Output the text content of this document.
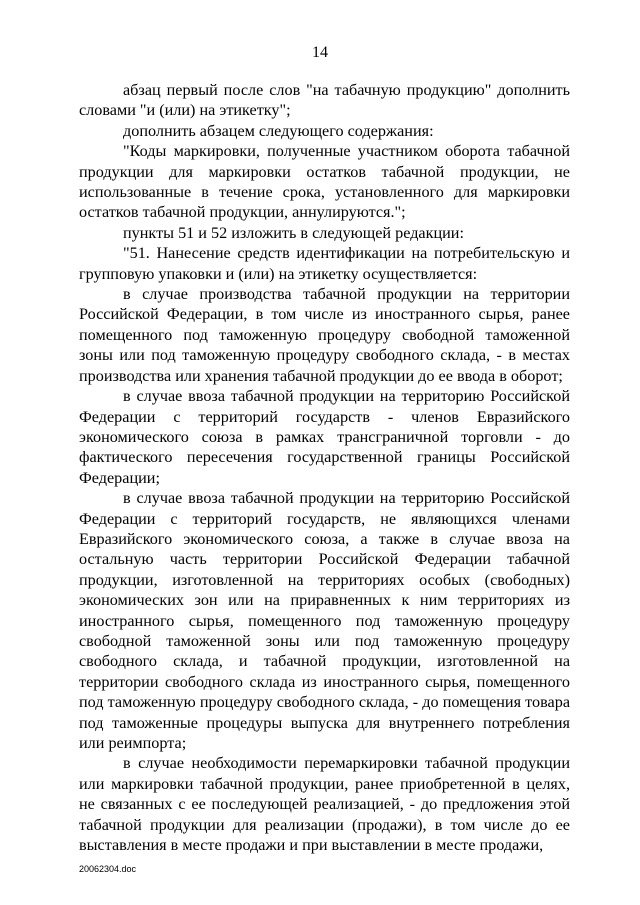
14

абзац первый после слов "на табачную продукцию" дополнить словами "и (или) на этикетку";

дополнить абзацем следующего содержания:

"Коды маркировки, полученные участником оборота табачной продукции для маркировки остатков табачной продукции, не использованные в течение срока, установленного для маркировки остатков табачной продукции, аннулируются.";

пункты 51 и 52 изложить в следующей редакции:

"51. Нанесение средств идентификации на потребительскую и групповую упаковки и (или) на этикетку осуществляется:

в случае производства табачной продукции на территории Российской Федерации, в том числе из иностранного сырья, ранее помещенного под таможенную процедуру свободной таможенной зоны или под таможенную процедуру свободного склада, - в местах производства или хранения табачной продукции до ее ввода в оборот;

в случае ввоза табачной продукции на территорию Российской Федерации с территорий государств - членов Евразийского экономического союза в рамках трансграничной торговли - до фактического пересечения государственной границы Российской Федерации;

в случае ввоза табачной продукции на территорию Российской Федерации с территорий государств, не являющихся членами Евразийского экономического союза, а также в случае ввоза на остальную часть территории Российской Федерации табачной продукции, изготовленной на территориях особых (свободных) экономических зон или на приравненных к ним территориях из иностранного сырья, помещенного под таможенную процедуру свободной таможенной зоны или под таможенную процедуру свободного склада, и табачной продукции, изготовленной на территории свободного склада из иностранного сырья, помещенного под таможенную процедуру свободного склада, - до помещения товара под таможенные процедуры выпуска для внутреннего потребления или реимпорта;

в случае необходимости перемаркировки табачной продукции или маркировки табачной продукции, ранее приобретенной в целях, не связанных с ее последующей реализацией, - до предложения этой табачной продукции для реализации (продажи), в том числе до ее выставления в месте продажи и при выставлении в месте продажи,

20062304.doc
